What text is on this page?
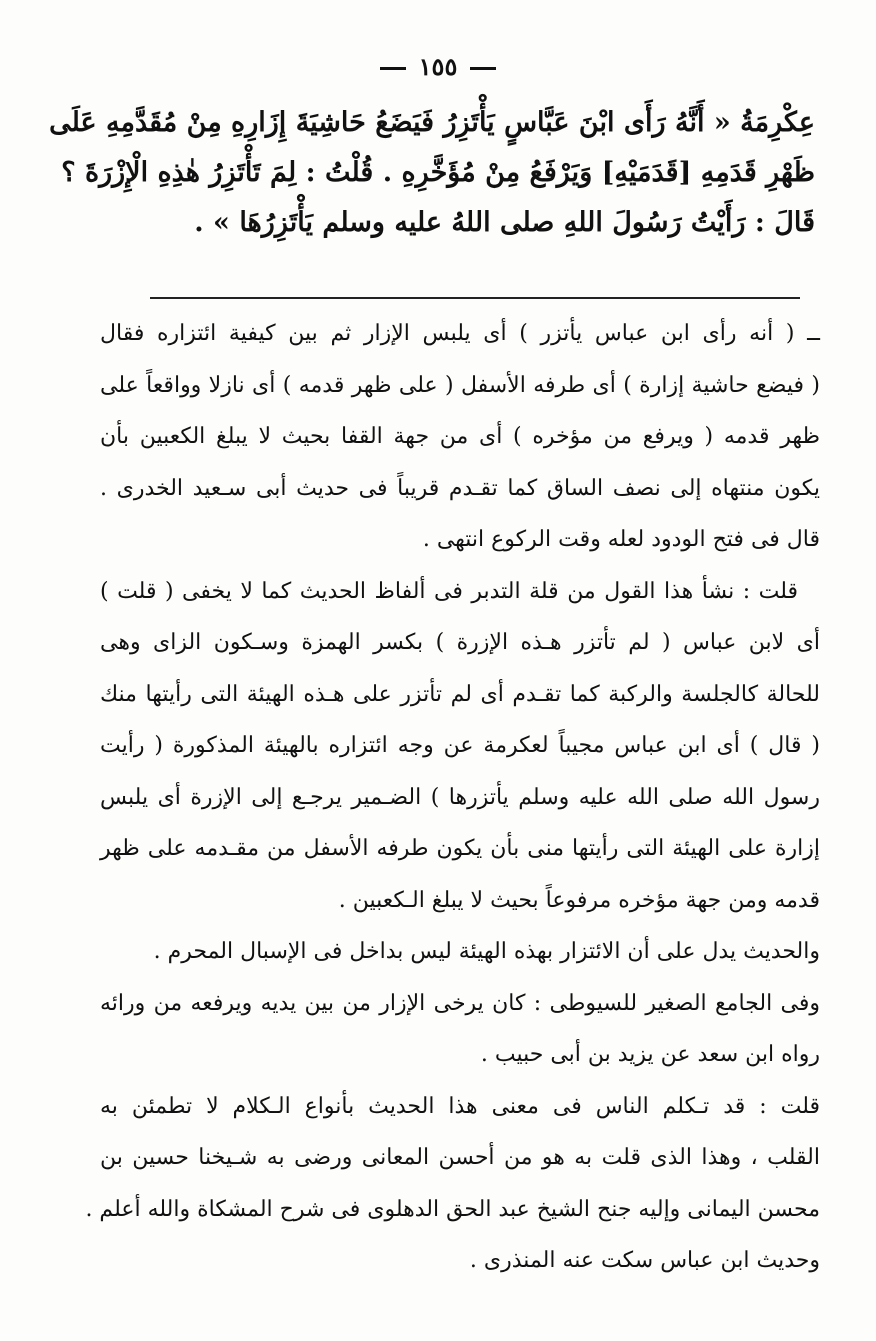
١٥٥
عِكْرِمَةُ « أَنَّهُ رَأَى ابْنَ عَبَّاسٍ يَأْتَزِرُ فَيَضَعُ حَاشِيَةَ إِزَارِهِ مِنْ مُقَدَّمِهِ عَلَى
ظَهْرِ قَدَمِهِ [قَدَمَيْهِ] وَيَرْفَعُ مِنْ مُؤَخَّرِهِ . قُلْتُ : لِمَ تَأْتَزِرُ هٰذِهِ الْإِزْرَةَ ؟
قَالَ : رَأَيْتُ رَسُولَ اللهِ صلى اللهُ عليه وسلم يَأْتَزِرُهَا » .
ــ ( أنه رأى ابن عباس يأتزر ) أى يلبس الإزار ثم بين كيفية ائتزاره فقال
( فيضع حاشية إزارة ) أى طرفه الأسفل ( على ظهر قدمه ) أى نازلا وواقعاً على
ظهر قدمه ( ويرفع من مؤخره ) أى من جهة القفا بحيث لا يبلغ الكعبين بأن
يكون منتهاه إلى نصف الساق كما تقـدم قريباً فى حديث أبى سـعيد الخدرى .
قال فى فتح الودود لعله وقت الركوع انتهى .
قلت : نشأ هذا القول من قلة التدبر فى ألفاظ الحديث كما لا يخفى ( قلت )
أى لابن عباس ( لم تأتزر هـذه الإزرة ) بكسر الهمزة وسـكون الزاى وهى
للحالة كالجلسة والركبة كما تقـدم أى لم تأتزر على هـذه الهيئة التى رأيتها منك
( قال ) أى ابن عباس مجيباً لعكرمة عن وجه ائتزاره بالهيئة المذكورة ( رأيت
رسول الله صلى الله عليه وسلم يأتزرها ) الضـمير يرجـع إلى الإزرة أى يلبس
إزارة على الهيئة التى رأيتها منى بأن يكون طرفه الأسفل من مقـدمه على ظهر
قدمه ومن جهة مؤخره مرفوعاً بحيث لا يبلغ الـكعبين .
والحديث يدل على أن الائتزار بهذه الهيئة ليس بداخل فى الإسبال المحرم .
وفى الجامع الصغير للسيوطى : كان يرخى الإزار من بين يديه ويرفعه من ورائه
رواه ابن سعد عن يزيد بن أبى حبيب .
قلت : قد تـكلم الناس فى معنى هذا الحديث بأنواع الـكلام لا تطمئن به
القلب ، وهذا الذى قلت به هو من أحسن المعانى ورضى به شـيخنا حسين بن
محسن اليمانى وإليه جنح الشيخ عبد الحق الدهلوى فى شرح المشكاة والله أعلم .
وحديث ابن عباس سكت عنه المنذرى .
